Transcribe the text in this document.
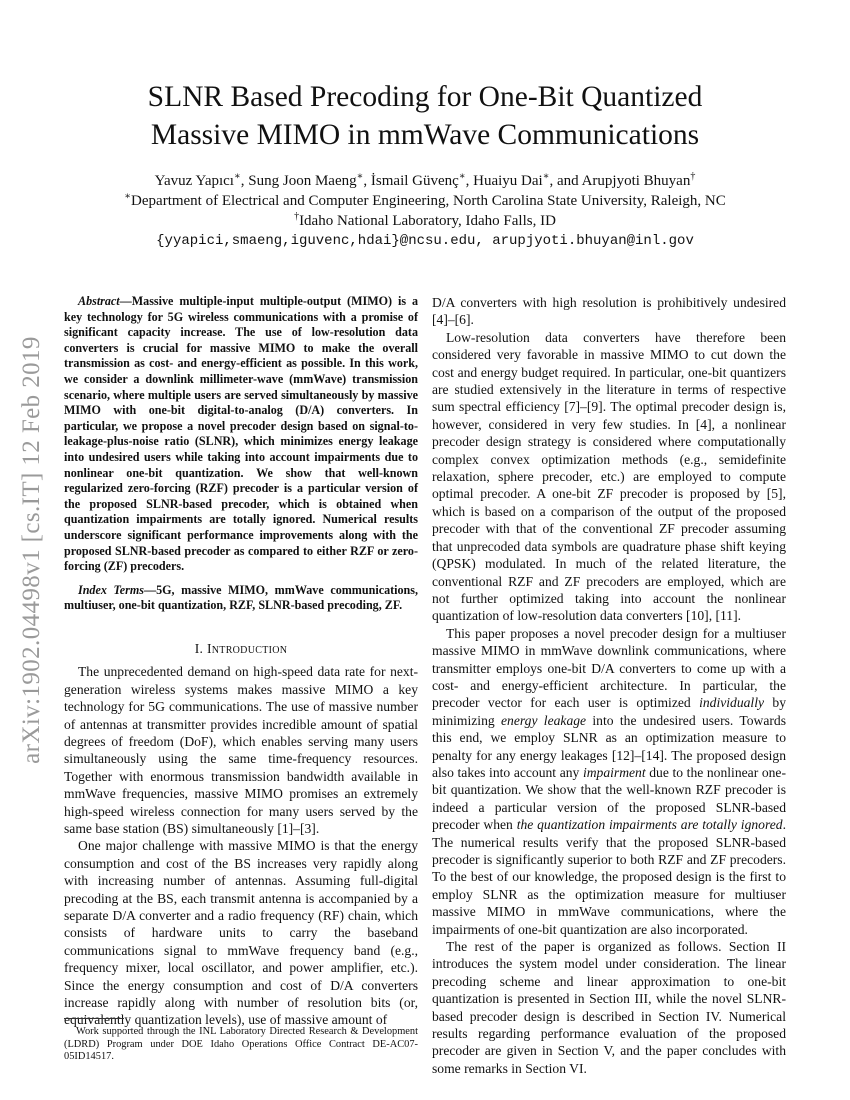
arXiv:1902.04498v1 [cs.IT] 12 Feb 2019
SLNR Based Precoding for One-Bit Quantized
Massive MIMO in mmWave Communications
Yavuz Yapıcı∗, Sung Joon Maeng∗, İsmail Güvenç∗, Huaiyu Dai∗, and Arupjyoti Bhuyan†
∗Department of Electrical and Computer Engineering, North Carolina State University, Raleigh, NC
†Idaho National Laboratory, Idaho Falls, ID
{yyapici,smaeng,iguvenc,hdai}@ncsu.edu, arupjyoti.bhuyan@inl.gov

Abstract—Massive multiple-input multiple-output (MIMO) is a key technology for 5G wireless communications with a promise of significant capacity increase. The use of low-resolution data converters is crucial for massive MIMO to make the overall transmission as cost- and energy-efficient as possible. In this work, we consider a downlink millimeter-wave (mmWave) transmission scenario, where multiple users are served simultaneously by massive MIMO with one-bit digital-to-analog (D/A) converters. In particular, we propose a novel precoder design based on signal-to-leakage-plus-noise ratio (SLNR), which minimizes energy leakage into undesired users while taking into account impairments due to nonlinear one-bit quantization. We show that well-known regularized zero-forcing (RZF) precoder is a particular version of the proposed SLNR-based precoder, which is obtained when quantization impairments are totally ignored. Numerical results underscore significant performance improvements along with the proposed SLNR-based precoder as compared to either RZF or zero-forcing (ZF) precoders.

Index Terms—5G, massive MIMO, mmWave communications, multiuser, one-bit quantization, RZF, SLNR-based precoding, ZF.

I. Introduction

The unprecedented demand on high-speed data rate for next-generation wireless systems makes massive MIMO a key technology for 5G communications. The use of massive number of antennas at transmitter provides incredible amount of spatial degrees of freedom (DoF), which enables serving many users simultaneously using the same time-frequency resources. Together with enormous transmission bandwidth available in mmWave frequencies, massive MIMO promises an extremely high-speed wireless connection for many users served by the same base station (BS) simultaneously [1]–[3].

One major challenge with massive MIMO is that the energy consumption and cost of the BS increases very rapidly along with increasing number of antennas. Assuming full-digital precoding at the BS, each transmit antenna is accompanied by a separate D/A converter and a radio frequency (RF) chain, which consists of hardware units to carry the baseband communications signal to mmWave frequency band (e.g., frequency mixer, local oscillator, and power amplifier, etc.). Since the energy consumption and cost of D/A converters increase rapidly along with number of resolution bits (or, equivalently quantization levels), use of massive amount of

Work supported through the INL Laboratory Directed Research & Development (LDRD) Program under DOE Idaho Operations Office Contract DE-AC07-05ID14517.

D/A converters with high resolution is prohibitively undesired [4]–[6].

Low-resolution data converters have therefore been considered very favorable in massive MIMO to cut down the cost and energy budget required. In particular, one-bit quantizers are studied extensively in the literature in terms of respective sum spectral efficiency [7]–[9]. The optimal precoder design is, however, considered in very few studies. In [4], a nonlinear precoder design strategy is considered where computationally complex convex optimization methods (e.g., semidefinite relaxation, sphere precoder, etc.) are employed to compute optimal precoder. A one-bit ZF precoder is proposed by [5], which is based on a comparison of the output of the proposed precoder with that of the conventional ZF precoder assuming that unprecoded data symbols are quadrature phase shift keying (QPSK) modulated. In much of the related literature, the conventional RZF and ZF precoders are employed, which are not further optimized taking into account the nonlinear quantization of low-resolution data converters [10], [11].

This paper proposes a novel precoder design for a multiuser massive MIMO in mmWave downlink communications, where transmitter employs one-bit D/A converters to come up with a cost- and energy-efficient architecture. In particular, the precoder vector for each user is optimized individually by minimizing energy leakage into the undesired users. Towards this end, we employ SLNR as an optimization measure to penalty for any energy leakages [12]–[14]. The proposed design also takes into account any impairment due to the nonlinear one-bit quantization. We show that the well-known RZF precoder is indeed a particular version of the proposed SLNR-based precoder when the quantization impairments are totally ignored. The numerical results verify that the proposed SLNR-based precoder is significantly superior to both RZF and ZF precoders. To the best of our knowledge, the proposed design is the first to employ SLNR as the optimization measure for multiuser massive MIMO in mmWave communications, where the impairments of one-bit quantization are also incorporated.

The rest of the paper is organized as follows. Section II introduces the system model under consideration. The linear precoding scheme and linear approximation to one-bit quantization is presented in Section III, while the novel SLNR-based precoder design is described in Section IV. Numerical results regarding performance evaluation of the proposed precoder are given in Section V, and the paper concludes with some remarks in Section VI.
